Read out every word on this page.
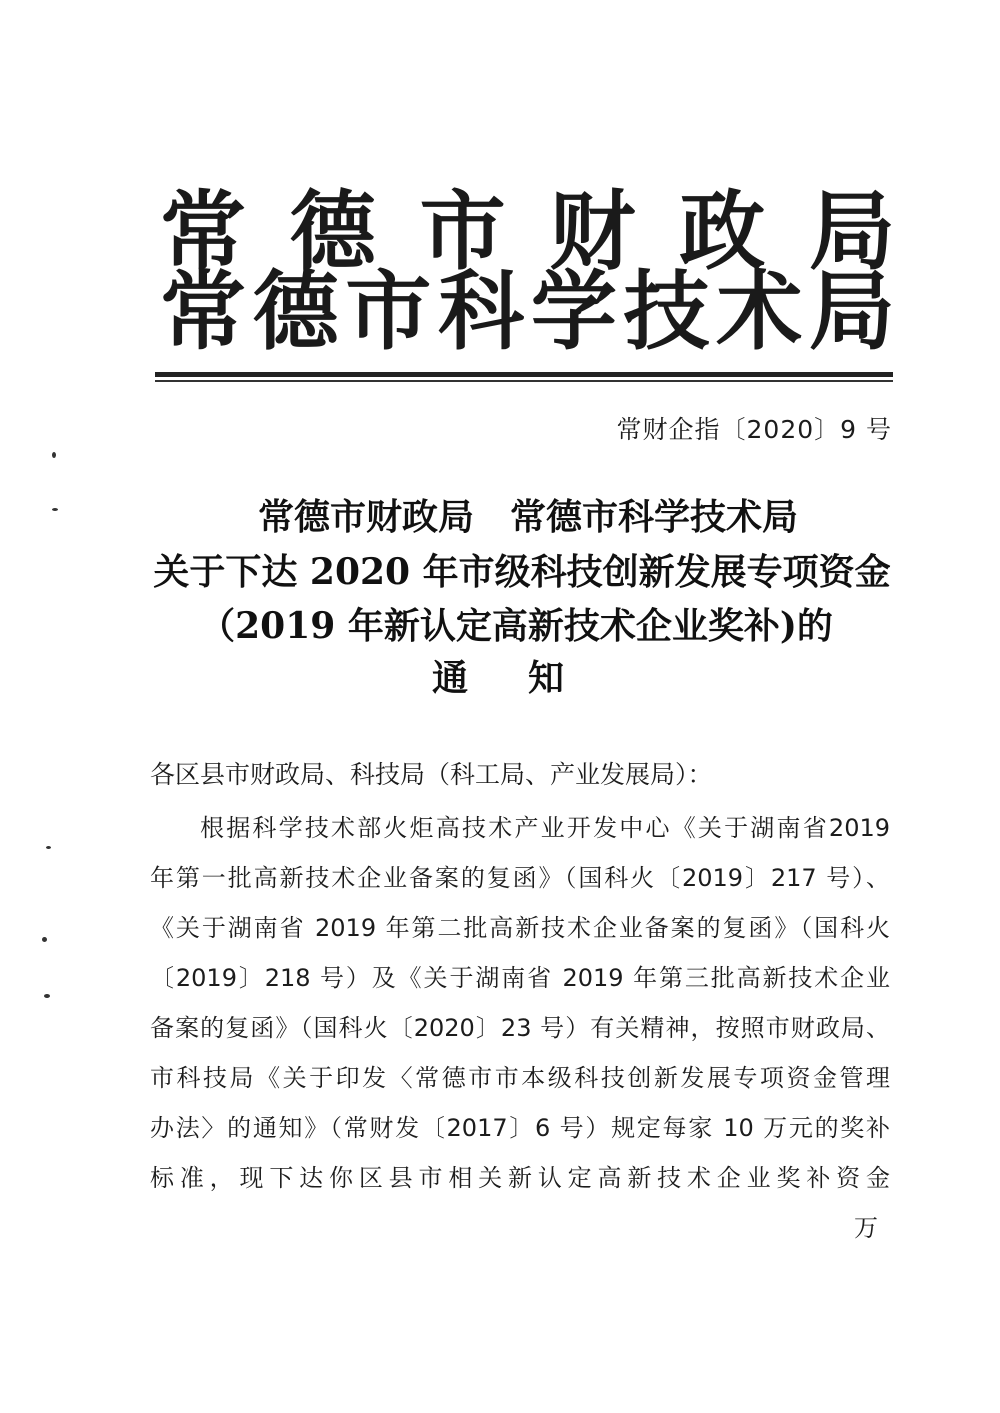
常 德 市 财 政 局
常 德 市 科 学 技 术 局
常财企指〔2020〕9 号
常德市财政局　常德市科学技术局
关于下达 2020 年市级科技创新发展专项资金
（2019 年新认定高新技术企业奖补)的
通知
各区县市财政局、科技局（科工局、产业发展局）：
根据科学技术部火炬高技术产业开发中心《关于湖南省2019
年第一批高新技术企业备案的复函》（国科火〔2019〕217 号）、
《关于湖南省 2019 年第二批高新技术企业备案的复函》（国科火
〔2019〕218 号）及《关于湖南省 2019 年第三批高新技术企业
备案的复函》（国科火〔2020〕23 号）有关精神，按照市财政局、
市科技局《关于印发〈常德市市本级科技创新发展专项资金管理
办法〉的通知》（常财发〔2017〕6 号）规定每家 10 万元的奖补
标准，现下达你区县市相关新认定高新技术企业奖补资金
万
